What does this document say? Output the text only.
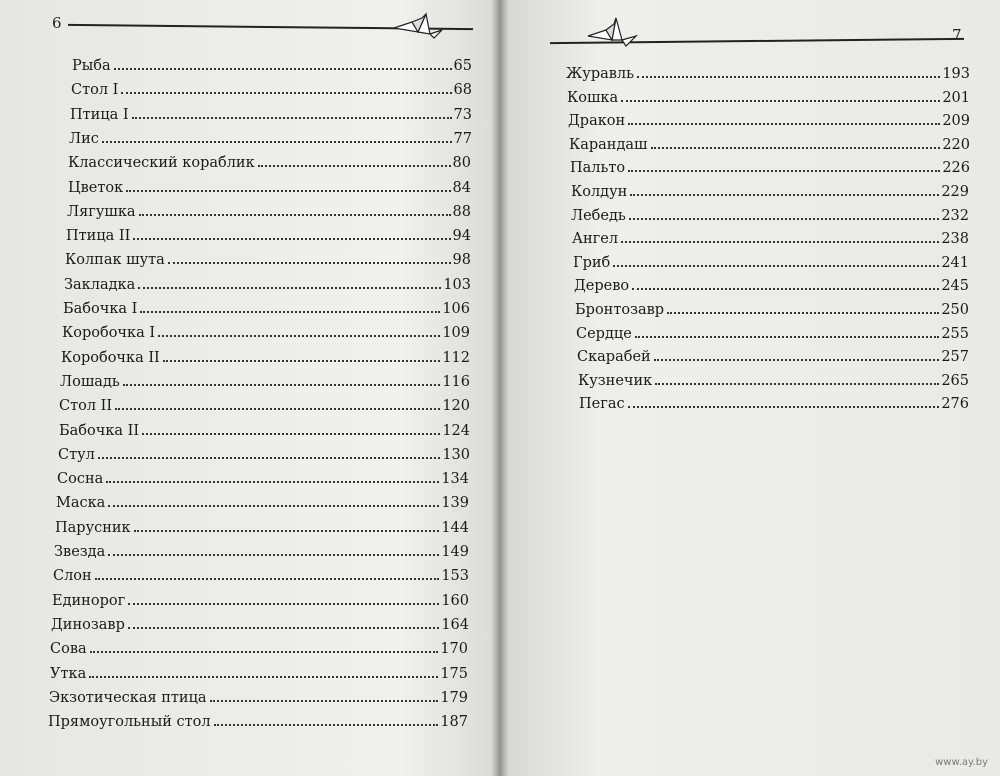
6
Рыба	65
Стол I	68
Птица I	73
Лис	77
Классический кораблик	80
Цветок	84
Лягушка	88
Птица II	94
Колпак шута	98
Закладка	103
Бабочка I	106
Коробочка I	109
Коробочка II	112
Лошадь	116
Стол II	120
Бабочка II	124
Стул	130
Сосна	134
Маска	139
Парусник	144
Звезда	149
Слон	153
Единорог	160
Динозавр	164
Сова	170
Утка	175
Экзотическая птица	179
Прямоугольный стол	187
7
Журавль	193
Кошка	201
Дракон	209
Карандаш	220
Пальто	226
Колдун	229
Лебедь	232
Ангел	238
Гриб	241
Дерево	245
Бронтозавр	250
Сердце	255
Скарабей	257
Кузнечик	265
Пегас	276
www.ay.by
